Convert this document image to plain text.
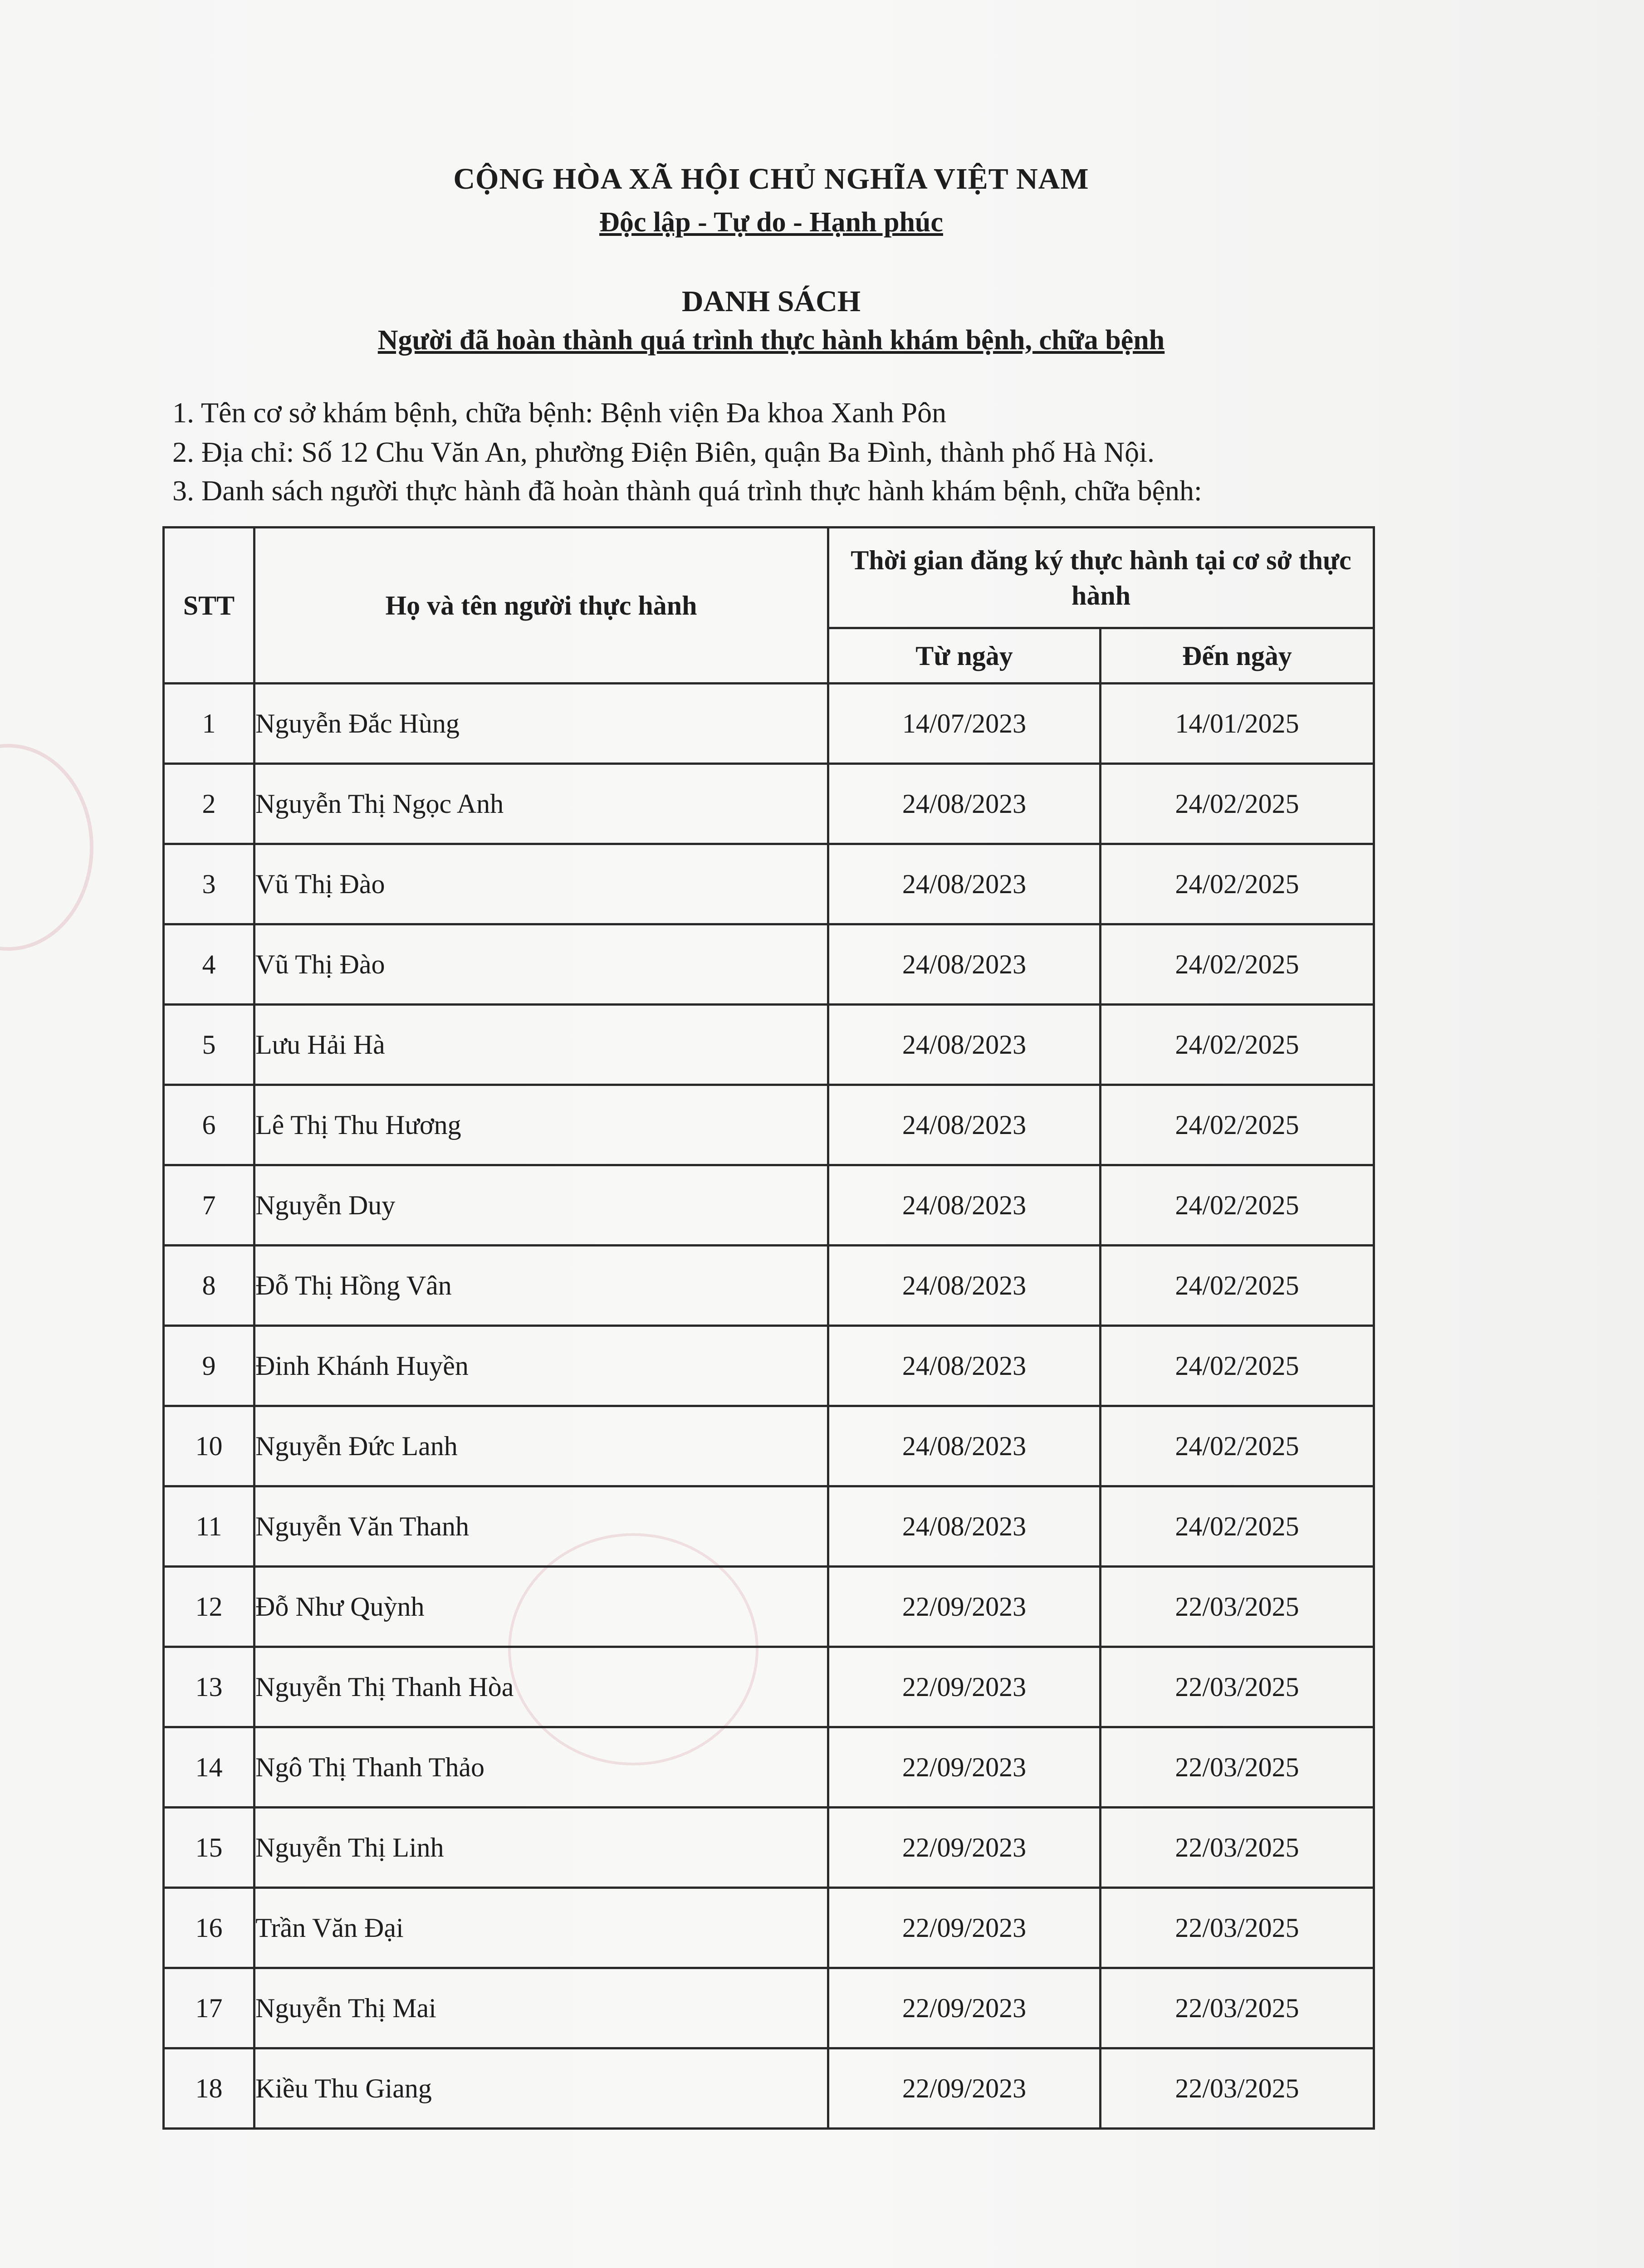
CỘNG HÒA XÃ HỘI CHỦ NGHĨA VIỆT NAM
Độc lập - Tự do - Hạnh phúc
DANH SÁCH
Người đã hoàn thành quá trình thực hành khám bệnh, chữa bệnh
1. Tên cơ sở khám bệnh, chữa bệnh: Bệnh viện Đa khoa Xanh Pôn
2. Địa chỉ: Số 12 Chu Văn An, phường Điện Biên, quận Ba Đình, thành phố Hà Nội.
3. Danh sách người thực hành đã hoàn thành quá trình thực hành khám bệnh, chữa bệnh:
STT	Họ và tên người thực hành	Thời gian đăng ký thực hành tại cơ sở thực hành	
		Từ ngày	Đến ngày
1	Nguyễn Đắc Hùng	14/07/2023	14/01/2025
2	Nguyễn Thị Ngọc Anh	24/08/2023	24/02/2025
3	Vũ Thị Đào	24/08/2023	24/02/2025
4	Vũ Thị Đào	24/08/2023	24/02/2025
5	Lưu Hải Hà	24/08/2023	24/02/2025
6	Lê Thị Thu Hương	24/08/2023	24/02/2025
7	Nguyễn Duy	24/08/2023	24/02/2025
8	Đỗ Thị Hồng Vân	24/08/2023	24/02/2025
9	Đinh Khánh Huyền	24/08/2023	24/02/2025
10	Nguyễn Đức Lanh	24/08/2023	24/02/2025
11	Nguyễn Văn Thanh	24/08/2023	24/02/2025
12	Đỗ Như Quỳnh	22/09/2023	22/03/2025
13	Nguyễn Thị Thanh Hòa	22/09/2023	22/03/2025
14	Ngô Thị Thanh Thảo	22/09/2023	22/03/2025
15	Nguyễn Thị Linh	22/09/2023	22/03/2025
16	Trần Văn Đại	22/09/2023	22/03/2025
17	Nguyễn Thị Mai	22/09/2023	22/03/2025
18	Kiều Thu Giang	22/09/2023	22/03/2025
